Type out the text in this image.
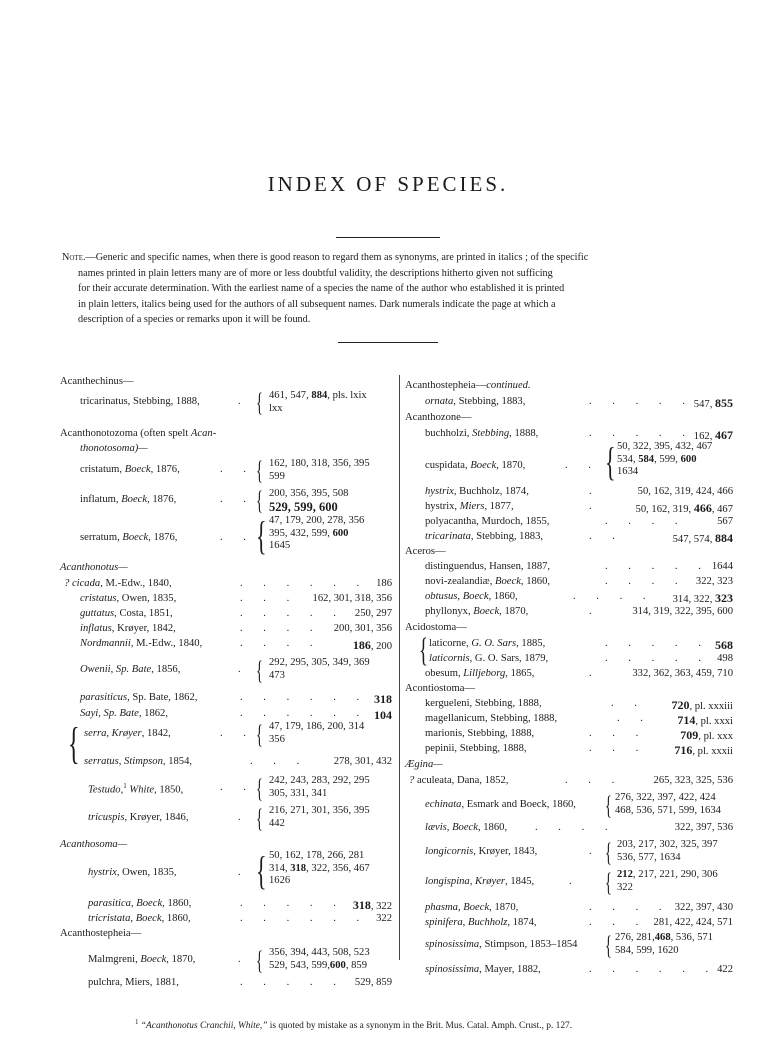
INDEX OF SPECIES.
Note.—Generic and specific names, when there is good reason to regard them as synonyms, are printed in italics ; of the specific
names printed in plain letters many are of more or less doubtful validity, the descriptions hitherto given not sufficing
for their accurate determination. With the earliest name of a species the name of the author who established it is printed
in plain letters, italics being used for the authors of all subsequent names. Dark numerals indicate the page at which a
description of a species or remarks upon it will be found.
Acanthechinus—
tricarinatus, Stebbing, 1888,	. { 461, 547, 884, pls. lxix
lxx
Acanthonotozoma (often spelt Acan-
thonotosoma)—
cristatum, Boeck, 1876,	. . { 162, 180, 318, 356, 395
599
inflatum, Boeck, 1876,	. . { 200, 356, 395, 508
529, 599, 600
serratum, Boeck, 1876,	. . { 47, 179, 200, 278, 356
395, 432, 599, 600
1645
Acanthonotus—
? cicada, M.-Edw., 1840,	. . . . . . 186
cristatus, Owen, 1835,	. . . 162, 301, 318, 356
guttatus, Costa, 1851,	. . . . . 250, 297
inflatus, Krøyer, 1842,	. . . . 200, 301, 356
Nordmannii, M.-Edw., 1840,	. . . .	186, 200
Owenii, Sp. Bate, 1856,	. { 292, 295, 305, 349, 369
473
parasiticus, Sp. Bate, 1862,	. . . . . . 318
Sayi, Sp. Bate, 1862,	. . . . . . 104
{ serra, Krøyer, 1842,	. . { 47, 179, 186, 200, 314
356
serratus, Stimpson, 1854,	. . . 278, 301, 432
Testudo,$^1$ White, 1850,	. . { 242, 243, 283, 292, 295
305, 331, 341
tricuspis, Krøyer, 1846,	. { 216, 271, 301, 356, 395
442
Acanthosoma—
hystrix, Owen, 1835,	. { 50, 162, 178, 266, 281
314, 318, 322, 356, 467
1626
parasitica, Boeck, 1860,	. . . . . 318, 322
tricristata, Boeck, 1860,	. . . . . . 322
Acanthostepheia—
Malmgreni, Boeck, 1870,	. { 356, 394, 443, 508, 523
529, 543, 599,600, 859
pulchra, Miers, 1881,	. . . . . 529, 859
Acanthostepheia—continued.
ornata, Stebbing, 1883,	. . . . . 547, 855
Acanthozone—
buchholzi, Stebbing, 1888,	. . . . . 162, 467
cuspidata, Boeck, 1870,	. . { 50, 322, 395, 432, 467
534, 584, 599, 600
1634
hystrix, Buchholz, 1874,	.	50, 162, 319, 424, 466
hystrix, Miers, 1877,	.	50, 162, 319, 466, 467
polyacantha, Murdoch, 1855,	. . . .	567
tricarinata, Stebbing, 1883,	. .	547, 574, 884
Aceros—
distinguendus, Hansen, 1887,	. . . . . 1644
novi-zealandiæ, Boeck, 1860,	. . . . 322, 323
obtusus, Boeck, 1860,	. . . . 314, 322, 323
phyllonyx, Boeck, 1870,	.	314, 319, 322, 395, 600
Acidostoma—
{ laticorne, G. O. Sars, 1885,	. . . . . 568
laticornis, G. O. Sars, 1879,	. . . . . 498
obesum, Lilljeborg, 1865,	.	332, 362, 363, 459, 710
Acontiostoma—
kergueleni, Stebbing, 1888,	. . 720, pl. xxxiii
magellanicum, Stebbing, 1888,	. . 714, pl. xxxi
marionis, Stebbing, 1888,	. . .	709, pl. xxx
pepinii, Stebbing, 1888,	. . . 716, pl. xxxii
Ægina—
? aculeata, Dana, 1852,	. . .	265, 323, 325, 536
echinata, Esmark and Boeck, 1860, { 276, 322, 397, 422, 424
468, 536, 571, 599, 1634
lævis, Boeck, 1860,	. . . .	322, 397, 536
longicornis, Krøyer, 1843,	. { 203, 217, 302, 325, 397
536, 577, 1634
longispina, Krøyer, 1845,	. { 212, 217, 221, 290, 306
322
phasma, Boeck, 1870,	. . . . 322, 397, 430
spinifera, Buchholz, 1874,	. . . 281, 422, 424, 571
spinosissima, Stimpson, 1853–1854 { 276, 281,468, 536, 571
584, 599, 1620
spinosissima, Mayer, 1882,	. . . . . . 422
$^1$ “Acanthonotus Cranchii, White,” is quoted by mistake as a synonym in the Brit. Mus. Catal. Amph. Crust., p. 127.
